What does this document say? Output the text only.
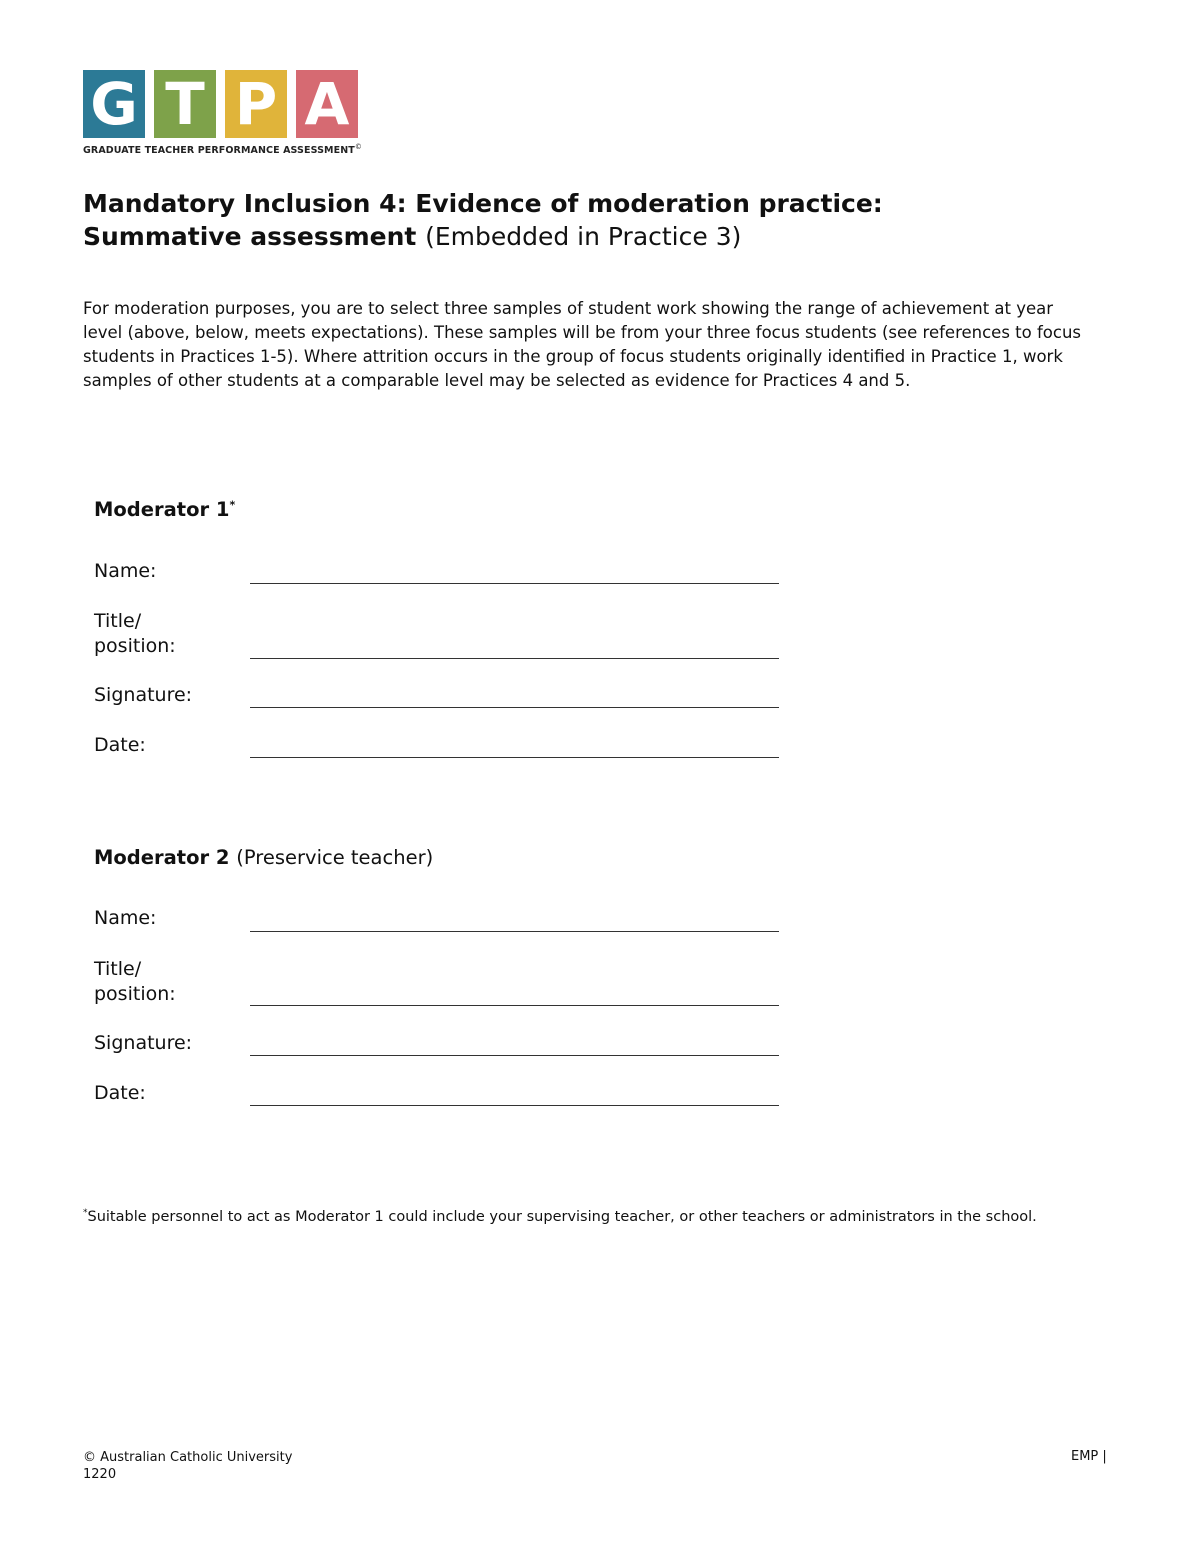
G T P A
GRADUATE TEACHER PERFORMANCE ASSESSMENT©
Mandatory Inclusion 4: Evidence of moderation practice:
Summative assessment (Embedded in Practice 3)
For moderation purposes, you are to select three samples of student work showing the range of achievement at year level (above, below, meets expectations). These samples will be from your three focus students (see references to focus students in Practices 1-5). Where attrition occurs in the group of focus students originally identified in Practice 1, work samples of other students at a comparable level may be selected as evidence for Practices 4 and 5.
Moderator 1*
Name:
Title/
position:
Signature:
Date:
Moderator 2 (Preservice teacher)
Name:
Title/
position:
Signature:
Date:
*Suitable personnel to act as Moderator 1 could include your supervising teacher, or other teachers or administrators in the school.
© Australian Catholic University
1220
EMP |
